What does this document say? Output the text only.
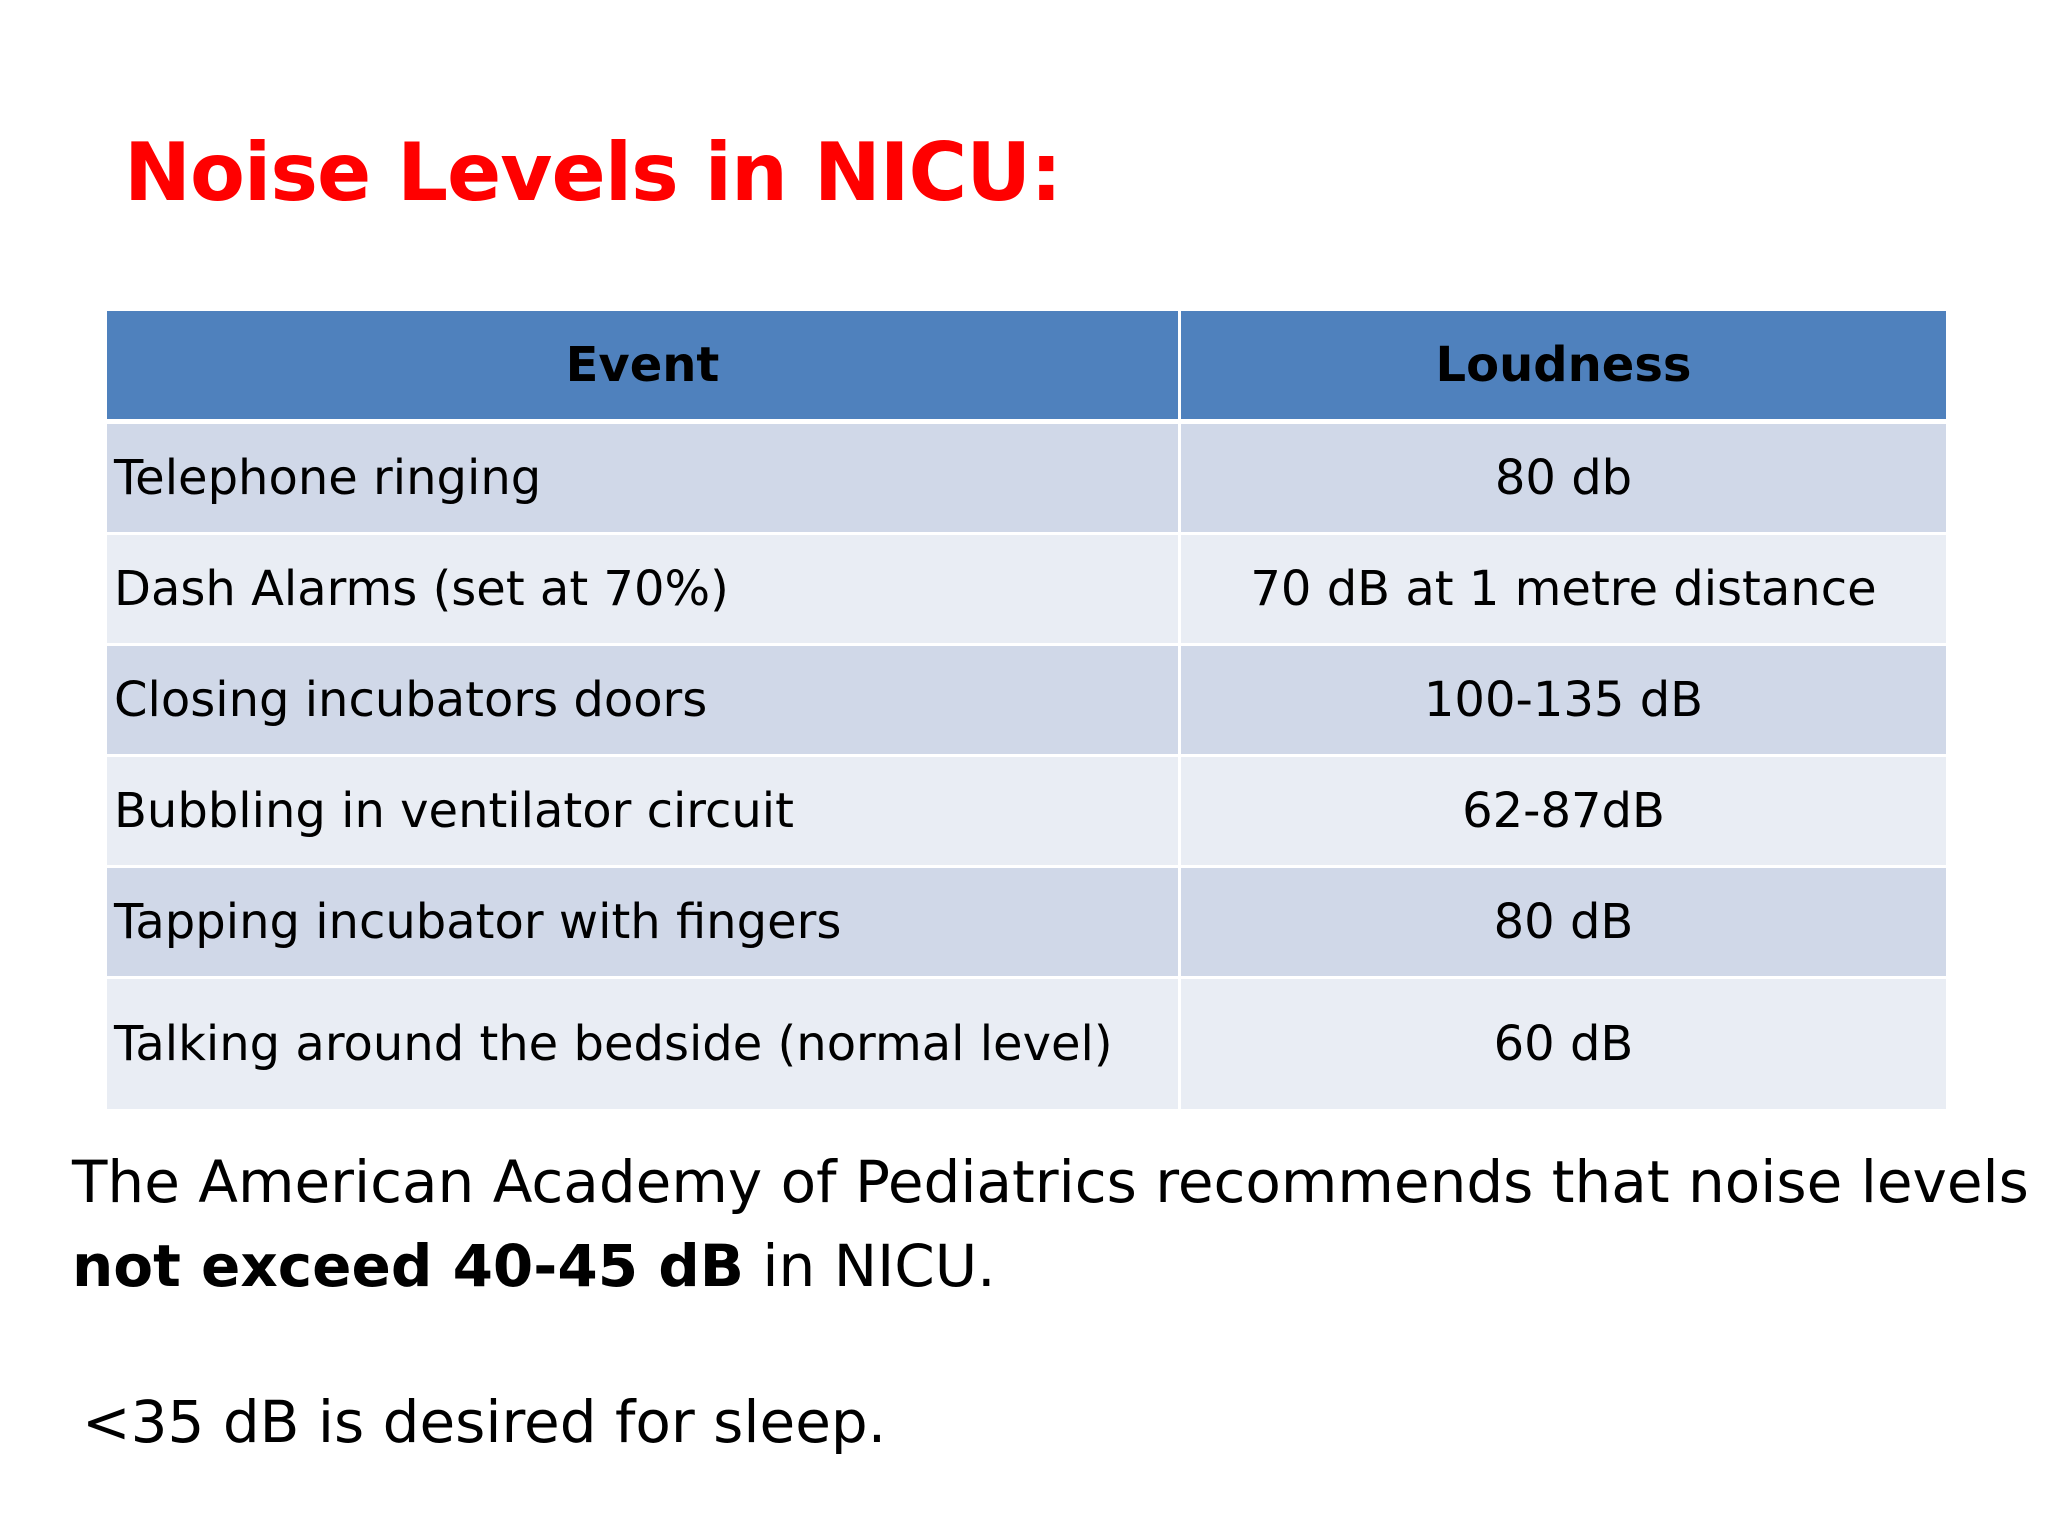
Noise Levels in NICU:
Event	Loudness
Telephone ringing	80 db
Dash Alarms (set at 70%)	70 dB at 1 metre distance
Closing incubators doors	100-135 dB
Bubbling in ventilator circuit	62-87dB
Tapping incubator with fingers	80 dB
Talking around the bedside (normal level)	60 dB
The American Academy of Pediatrics recommends that noise levels
not exceed 40-45 dB in NICU.
<35 dB is desired for sleep.
